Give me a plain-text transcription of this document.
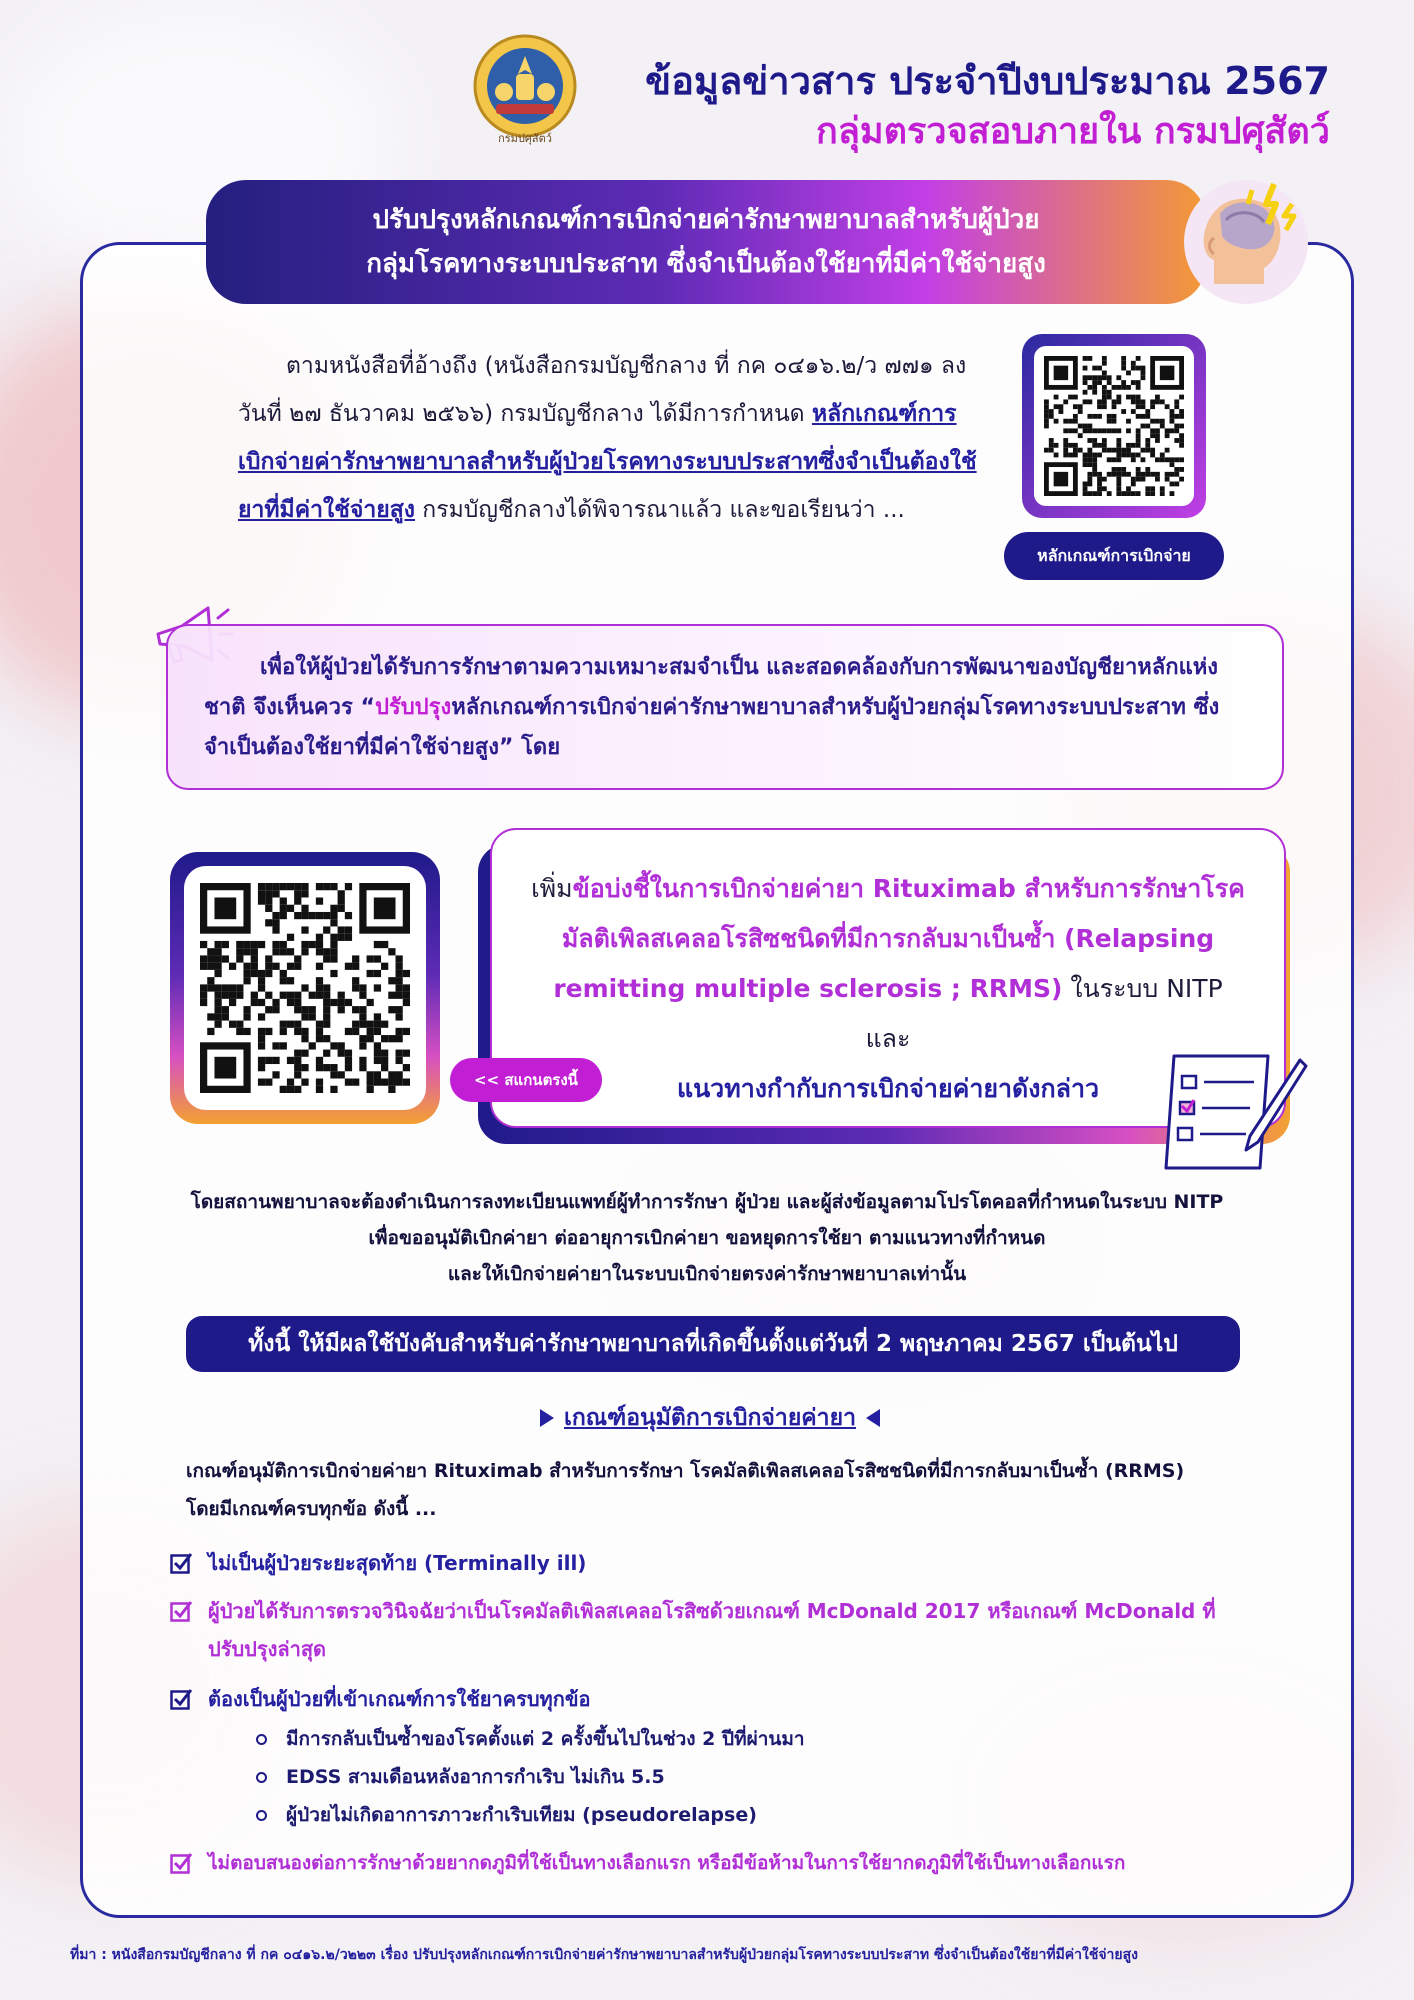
กรมปศุสัตว์
ข้อมูลข่าวสาร ประจำปีงบประมาณ 2567
กลุ่มตรวจสอบภายใน กรมปศุสัตว์
ปรับปรุงหลักเกณฑ์การเบิกจ่ายค่ารักษาพยาบาลสำหรับผู้ป่วย
กลุ่มโรคทางระบบประสาท ซึ่งจำเป็นต้องใช้ยาที่มีค่าใช้จ่ายสูง
ตามหนังสือที่อ้างถึง (หนังสือกรมบัญชีกลาง ที่ กค ๐๔๑๖.๒/ว ๗๗๑ ลงวันที่ ๒๗ ธันวาคม ๒๕๖๖) กรมบัญชีกลาง ได้มีการกำหนด หลักเกณฑ์การเบิกจ่ายค่ารักษาพยาบาลสำหรับผู้ป่วยโรคทางระบบประสาทซึ่งจำเป็นต้องใช้ยาที่มีค่าใช้จ่ายสูง กรมบัญชีกลางได้พิจารณาแล้ว และขอเรียนว่า ...
หลักเกณฑ์การเบิกจ่าย
เพื่อให้ผู้ป่วยได้รับการรักษาตามความเหมาะสมจำเป็น และสอดคล้องกับการพัฒนาของบัญชียาหลักแห่งชาติ จึงเห็นควร “ปรับปรุงหลักเกณฑ์การเบิกจ่ายค่ารักษาพยาบาลสำหรับผู้ป่วยกลุ่มโรคทางระบบประสาท ซึ่งจำเป็นต้องใช้ยาที่มีค่าใช้จ่ายสูง” โดย
เพิ่มข้อบ่งชี้ในการเบิกจ่ายค่ายา Rituximab สำหรับการรักษาโรคมัลติเพิลสเคลอโรสิซชนิดที่มีการกลับมาเป็นซ้ำ (Relapsing remitting multiple sclerosis ; RRMS) ในระบบ NITP
และ
แนวทางกำกับการเบิกจ่ายค่ายาดังกล่าว
<< สแกนตรงนี้
โดยสถานพยาบาลจะต้องดำเนินการลงทะเบียนแพทย์ผู้ทำการรักษา ผู้ป่วย และผู้ส่งข้อมูลตามโปรโตคอลที่กำหนดในระบบ NITP
เพื่อขออนุมัติเบิกค่ายา ต่ออายุการเบิกค่ายา ขอหยุดการใช้ยา ตามแนวทางที่กำหนด
และให้เบิกจ่ายค่ายาในระบบเบิกจ่ายตรงค่ารักษาพยาบาลเท่านั้น
ทั้งนี้ ให้มีผลใช้บังคับสำหรับค่ารักษาพยาบาลที่เกิดขึ้นตั้งแต่วันที่ 2 พฤษภาคม 2567 เป็นต้นไป
เกณฑ์อนุมัติการเบิกจ่ายค่ายา
เกณฑ์อนุมัติการเบิกจ่ายค่ายา Rituximab สำหรับการรักษา โรคมัลติเพิลสเคลอโรสิซชนิดที่มีการกลับมาเป็นซ้ำ (RRMS)
โดยมีเกณฑ์ครบทุกข้อ ดังนี้ ...
ไม่เป็นผู้ป่วยระยะสุดท้าย (Terminally ill)
ผู้ป่วยได้รับการตรวจวินิจฉัยว่าเป็นโรคมัลติเพิลสเคลอโรสิซด้วยเกณฑ์ McDonald 2017 หรือเกณฑ์ McDonald ที่ปรับปรุงล่าสุด
ต้องเป็นผู้ป่วยที่เข้าเกณฑ์การใช้ยาครบทุกข้อ
มีการกลับเป็นซ้ำของโรคตั้งแต่ 2 ครั้งขึ้นไปในช่วง 2 ปีที่ผ่านมา
EDSS สามเดือนหลังอาการกำเริบ ไม่เกิน 5.5
ผู้ป่วยไม่เกิดอาการภาวะกำเริบเทียม (pseudorelapse)
ไม่ตอบสนองต่อการรักษาด้วยยากดภูมิที่ใช้เป็นทางเลือกแรก หรือมีข้อห้ามในการใช้ยากดภูมิที่ใช้เป็นทางเลือกแรก
ที่มา : หนังสือกรมบัญชีกลาง ที่ กค ๐๔๑๖.๒/ว๒๒๓ เรื่อง ปรับปรุงหลักเกณฑ์การเบิกจ่ายค่ารักษาพยาบาลสำหรับผู้ป่วยกลุ่มโรคทางระบบประสาท ซึ่งจำเป็นต้องใช้ยาที่มีค่าใช้จ่ายสูง
